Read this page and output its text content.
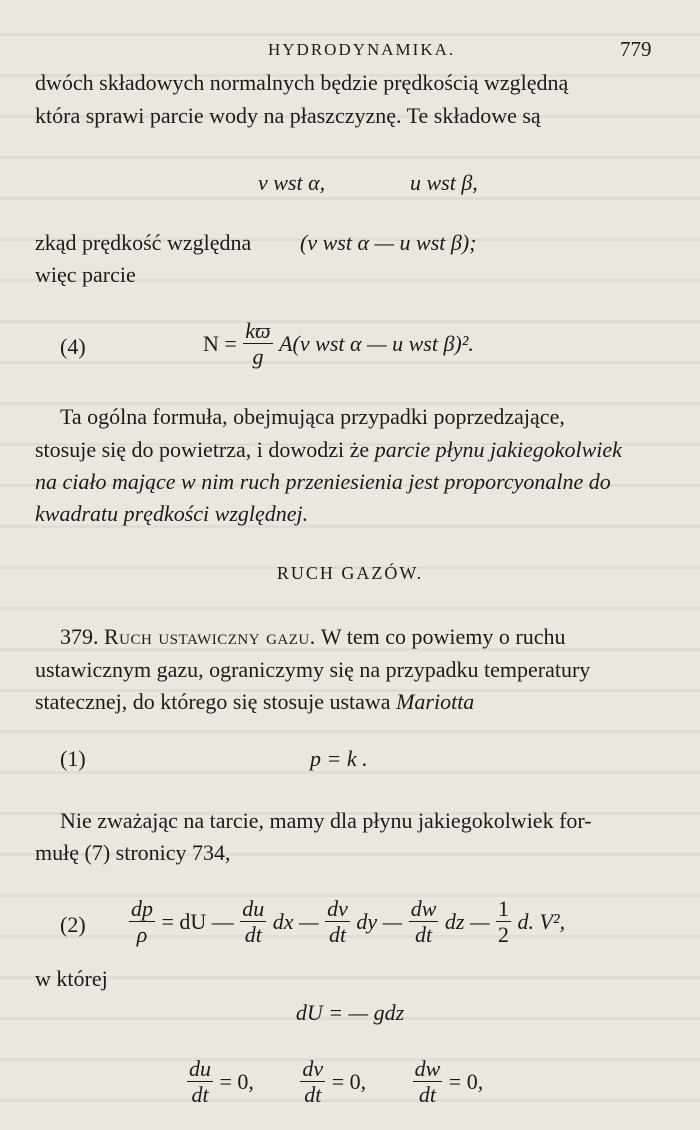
HYDRODYNAMIKA.	779
dwóch składowych normalnych będzie prędkością względną
która sprawi parcie wody na płaszczyznę. Te składowe są
v wst α,	u wst β,
zkąd prędkość względna (v wst α — u wst β);
więc parcie
(4)	$N = \frac{kϖ}{g} A(v$ wst α — u wst β)².
Ta ogólna formuła, obejmująca przypadki poprzedzające,
stosuje się do powietrza, i dowodzi że parcie płynu jakiegokolwiek
na ciało mające w nim ruch przeniesienia jest proporcyonalne do
kwadratu prędkości względnej.
RUCH GAZÓW.
379. Ruch ustawiczny gazu. W tem co powiemy o ruchu
ustawicznym gazu, ograniczymy się na przypadku temperatury
statecznej, do którego się stosuje ustawa Mariotta
(1)	p = k .
Nie zważając na tarcie, mamy dla płynu jakiegokolwiek for-
mułę (7) stronicy 734,
$(2) \frac{dp}{\rho}$ = dU — $\frac{du}{dt}$ dx — $\frac{dv}{dt}$ dy — $\frac{dw}{dt}$ dz — $\frac{1}{2} d$. V²,
w której
dU = — gdz
$\frac{du}{dt} = 0$, $\frac{dv}{dt} = 0$, $\frac{dw}{dt} = 0$,
